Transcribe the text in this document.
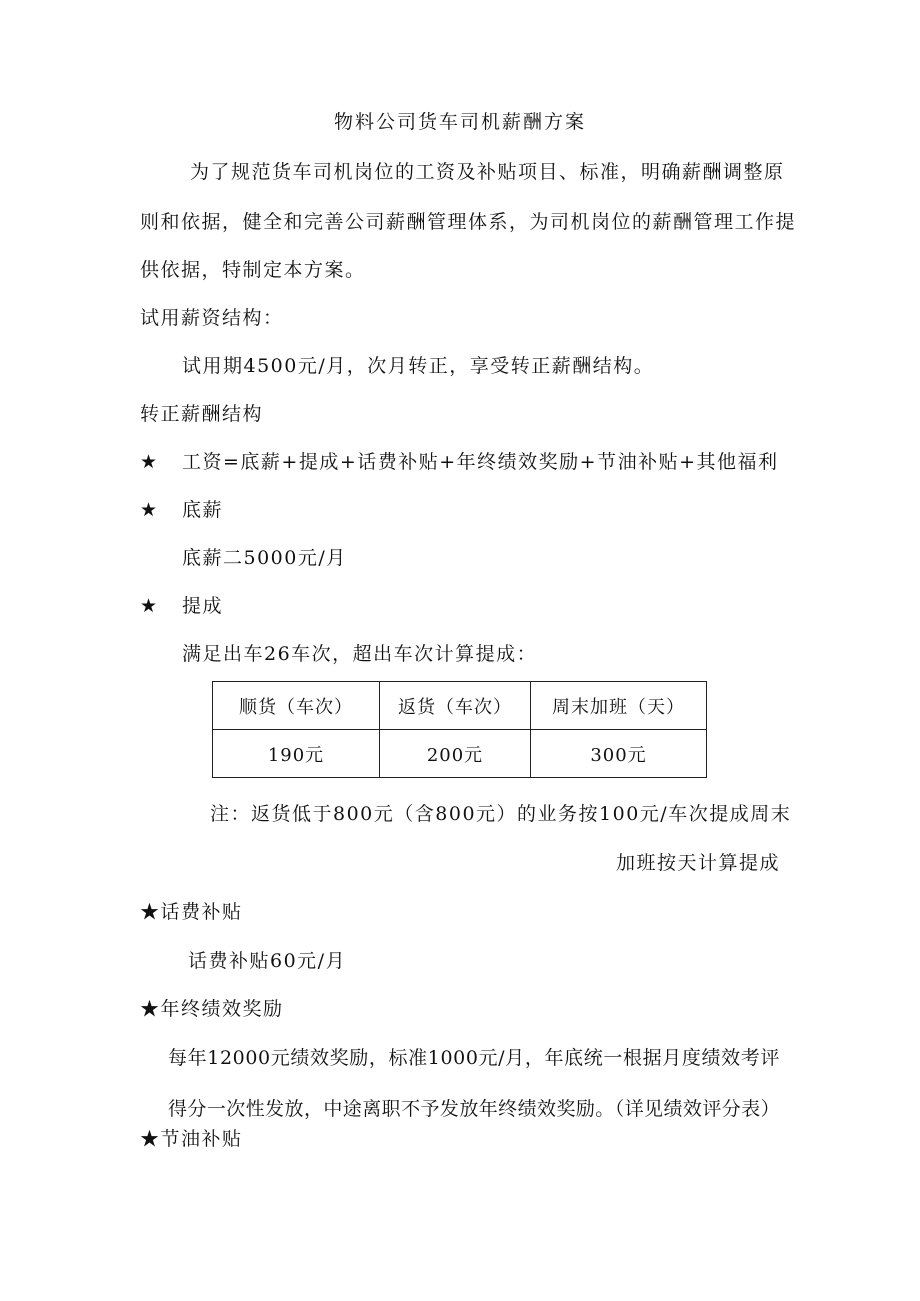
物料公司货车司机薪酬方案
为了规范货车司机岗位的工资及补贴项目、标准，明确薪酬调整原
则和依据，健全和完善公司薪酬管理体系，为司机岗位的薪酬管理工作提
供依据，特制定本方案。
试用薪资结构：
试用期4500元/月，次月转正，享受转正薪酬结构。
转正薪酬结构
★ 工资=底薪+提成+话费补贴+年终绩效奖励+节油补贴+其他福利
★ 底薪
底薪二5000元/月
★ 提成
满足出车26车次，超出车次计算提成：
顺货（车次）	返货（车次）	周末加班（天）
190元	200元	300元
注：返货低于800元（含800元）的业务按100元/车次提成周末
加班按天计算提成
★话费补贴
话费补贴60元/月
★年终绩效奖励
每年12000元绩效奖励，标准1000元/月，年底统一根据月度绩效考评
得分一次性发放，中途离职不予发放年终绩效奖励。（详见绩效评分表）
★节油补贴
